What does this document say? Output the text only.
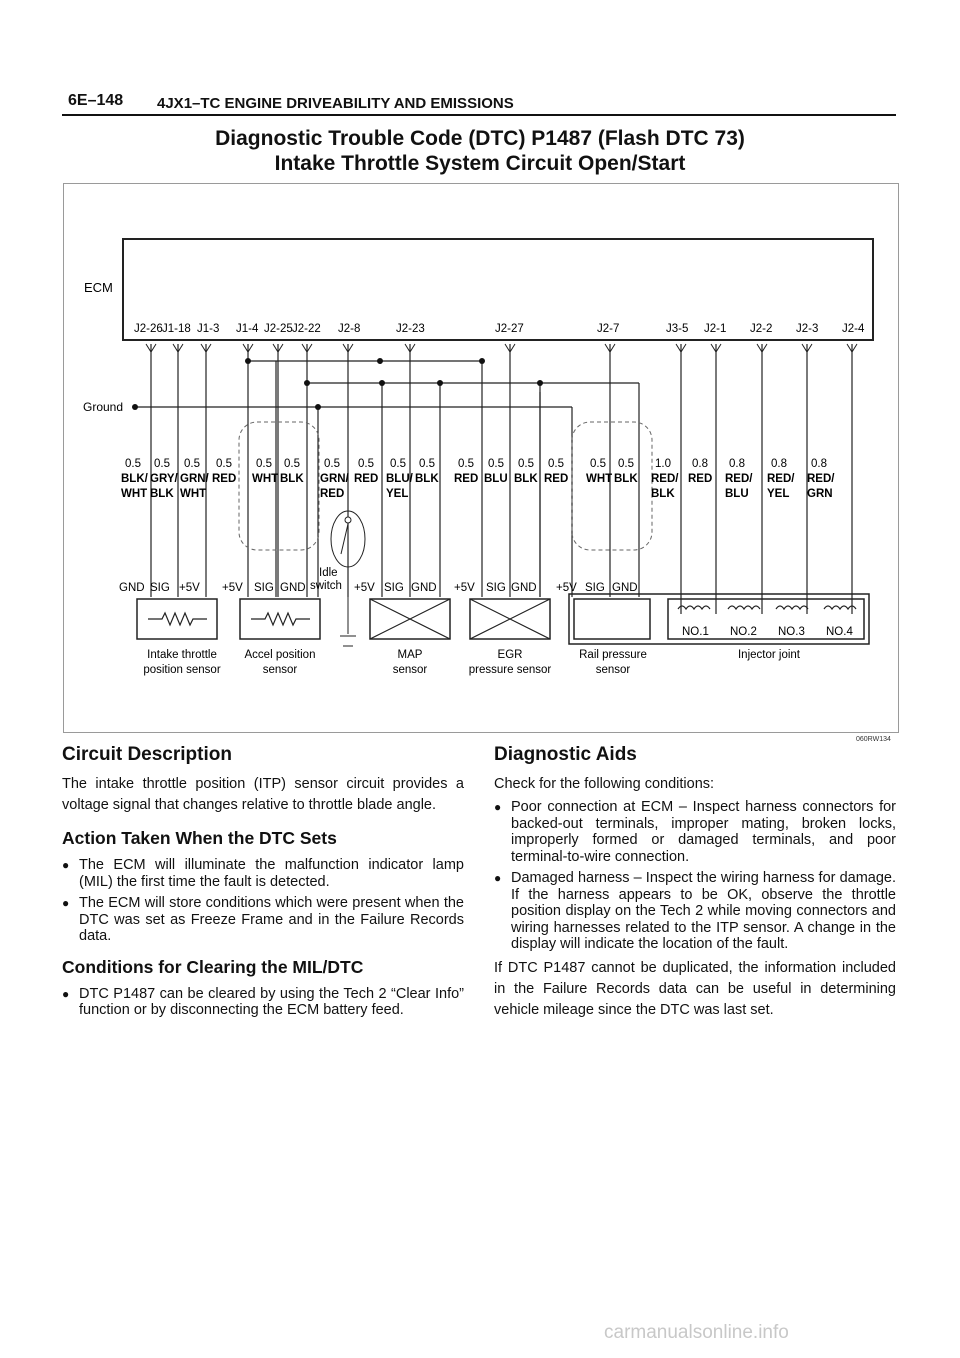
6E–148 4JX1–TC ENGINE DRIVEABILITY AND EMISSIONS
Diagnostic Trouble Code (DTC) P1487 (Flash DTC 73)
Intake Throttle System Circuit Open/Start
ECM
J2-26 J1-18 J1-3 J1-4 J2-25 J2-22 J2-8	J2-23	J2-27	J2-7	J3-5 J2-1 J2-2 J2-3 J2-4
Ground
0.5
BLK/
WHT
0.5
GRY/
BLK
0.5
GRN/
WHT
0.5
RED
0.5
WHT
0.5
BLK
0.5
GRN/
RED
0.5
RED
0.5
BLU/
YEL
0.5
BLK
0.5
RED
0.5
BLU
0.5
BLK
0.5
RED
0.5
WHT
0.5
BLK
1.0
RED/
BLK
0.8
RED
0.8
RED/
BLU
0.8
RED/
YEL
0.8
RED/
GRN
Idle
switch
GND SIG +5V +5V SIG GND	+5V SIG GND +5V SIG GND +5V SIG GND
NO.1 NO.2 NO.3 NO.4
Intake throttle
position sensor
Accel position
sensor
MAP
sensor
EGR
pressure sensor
Rail pressure
sensor
Injector joint
060RW134
Circuit Description

The intake throttle position (ITP) sensor circuit provides a voltage signal that changes relative to throttle blade angle.

Action Taken When the DTC Sets
● The ECM will illuminate the malfunction indicator lamp (MIL) the first time the fault is detected.
● The ECM will store conditions which were present when the DTC was set as Freeze Frame and in the Failure Records data.
Conditions for Clearing the MIL/DTC
● DTC P1487 can be cleared by using the Tech 2 “Clear Info” function or by disconnecting the ECM battery feed.
Diagnostic Aids

Check for the following conditions:

● Poor connection at ECM – Inspect harness connectors for backed-out terminals, improper mating, broken locks, improperly formed or damaged terminals, and poor terminal-to-wire connection.
● Damaged harness – Inspect the wiring harness for damage. If the harness appears to be OK, observe the throttle position display on the Tech 2 while moving connectors and wiring harnesses related to the ITP sensor. A change in the display will indicate the location of the fault.

If DTC P1487 cannot be duplicated, the information included in the Failure Records data can be useful in determining vehicle mileage since the DTC was last set.

carmanualsonline.info
